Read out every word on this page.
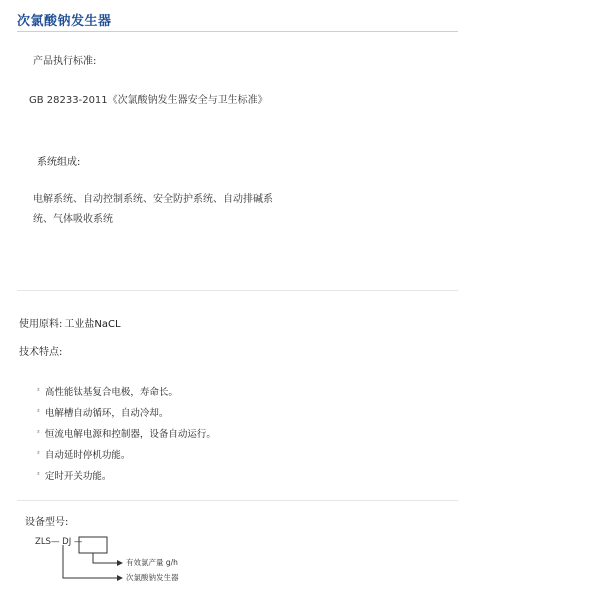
次氯酸钠发生器
产品执行标准:
GB 28233-2011《次氯酸钠发生器安全与卫生标准》
系统组成:
电解系统、自动控制系统、安全防护系统、自动排碱系
统、气体吸收系统
使用原料: 工业盐NaCL
技术特点:
$^{^2}$ 高性能钛基复合电极，寿命长。
$^{^2}$ 电解槽自动循环，自动冷却。
$^{^2}$ 恒流电解电源和控制器，设备自动运行。
$^{^2}$ 自动延时停机功能。
$^{^2}$ 定时开关功能。
设备型号:
ZLS— DJ —
有效氯产量 g/h
次氯酸钠发生器
